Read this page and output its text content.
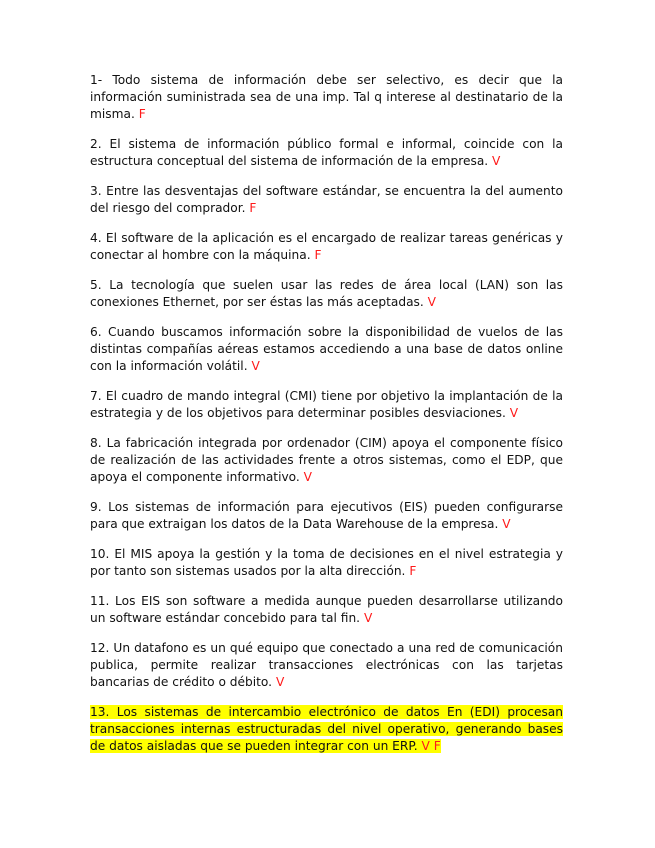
1- Todo sistema de información debe ser selectivo, es decir que la información suministrada sea de una imp. Tal q interese al destinatario de la misma. F

2. El sistema de información público formal e informal, coincide con la estructura conceptual del sistema de información de la empresa. V

3. Entre las desventajas del software estándar, se encuentra la del aumento del riesgo del comprador. F

4. El software de la aplicación es el encargado de realizar tareas genéricas y conectar al hombre con la máquina. F

5. La tecnología que suelen usar las redes de área local (LAN) son las conexiones Ethernet, por ser éstas las más aceptadas. V

6. Cuando buscamos información sobre la disponibilidad de vuelos de las distintas compañías aéreas estamos accediendo a una base de datos online con la información volátil. V

7. El cuadro de mando integral (CMI) tiene por objetivo la implantación de la estrategia y de los objetivos para determinar posibles desviaciones. V

8. La fabricación integrada por ordenador (CIM) apoya el componente físico de realización de las actividades frente a otros sistemas, como el EDP, que apoya el componente informativo. V

9. Los sistemas de información para ejecutivos (EIS) pueden configurarse para que extraigan los datos de la Data Warehouse de la empresa. V

10. El MIS apoya la gestión y la toma de decisiones en el nivel estrategia y por tanto son sistemas usados por la alta dirección. F

11. Los EIS son software a medida aunque pueden desarrollarse utilizando un software estándar concebido para tal fin. V

12. Un datafono es un qué equipo que conectado a una red de comunicación publica, permite realizar transacciones electrónicas con las tarjetas bancarias de crédito o débito. V

13. Los sistemas de intercambio electrónico de datos En (EDI) procesan transacciones internas estructuradas del nivel operativo, generando bases de datos aisladas que se pueden integrar con un ERP. V F
